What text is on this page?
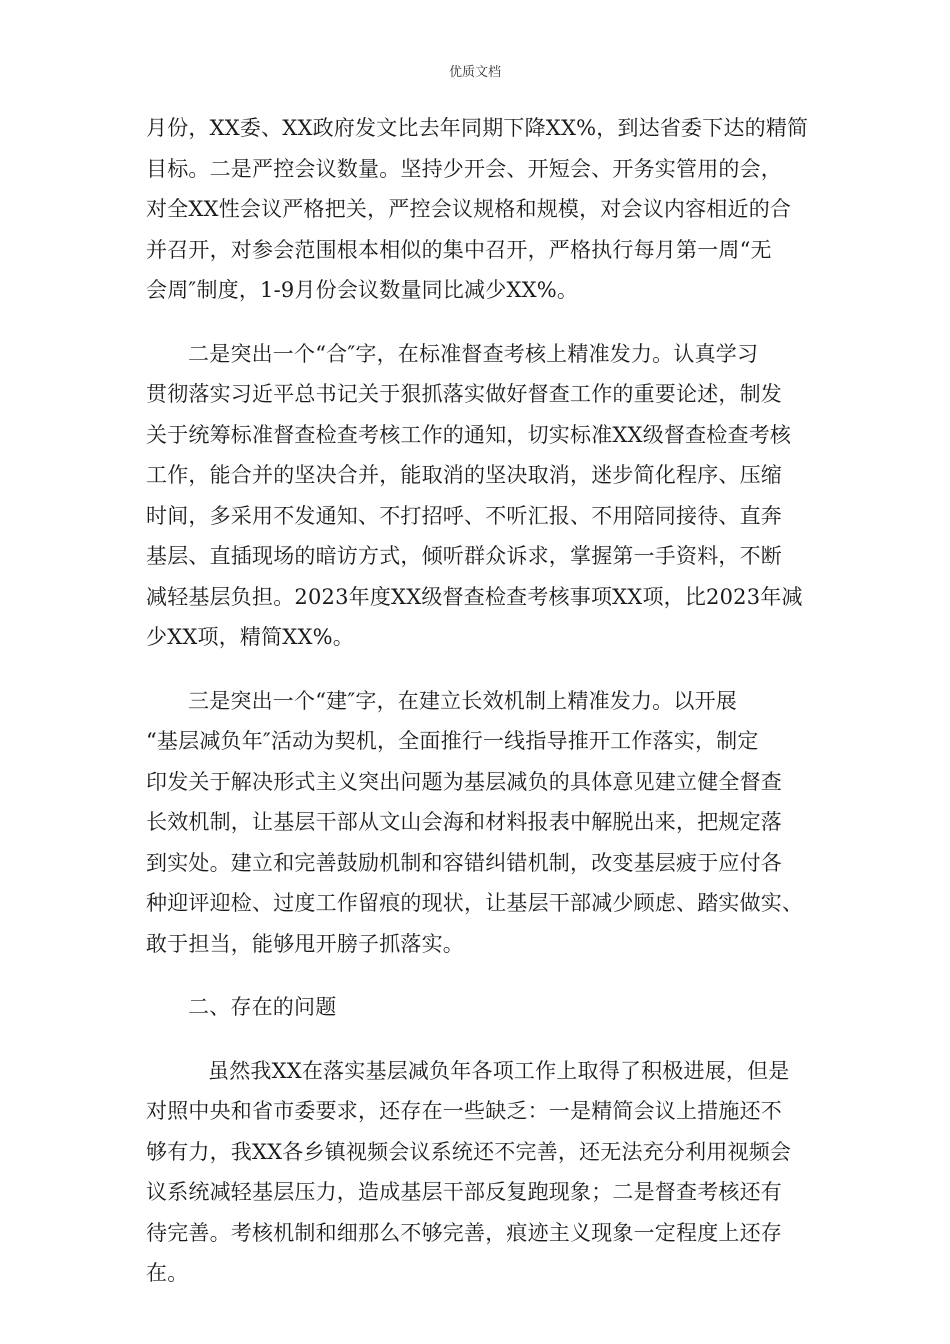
优质文档

月份，XX委、XX政府发文比去年同期下降XX%，到达省委下达的精简
目标。二是严控会议数量。坚持少开会、开短会、开务实管用的会，
对全XX性会议严格把关，严控会议规格和规模，对会议内容相近的合
并召开，对参会范围根本相似的集中召开，严格执行每月第一周“无
会周″制度，1-9月份会议数量同比减少XX%。

二是突出一个“合″字，在标准督查考核上精准发力。认真学习
贯彻落实习近平总书记关于狠抓落实做好督查工作的重要论述，制发
关于统筹标准督查检查考核工作的通知，切实标准XX级督查检查考核
工作，能合并的坚决合并，能取消的坚决取消，迷步简化程序、压缩
时间，多采用不发通知、不打招呼、不听汇报、不用陪同接待、直奔
基层、直插现场的暗访方式，倾听群众诉求，掌握第一手资料，不断
减轻基层负担。2023年度XX级督查检查考核事项XX项，比2023年减
少XX项，精简XX%。

三是突出一个“建″字，在建立长效机制上精准发力。以开展
“基层减负年″活动为契机，全面推行一线指导推开工作落实，制定
印发关于解决形式主义突出问题为基层减负的具体意见建立健全督查
长效机制，让基层干部从文山会海和材料报表中解脱出来，把规定落
到实处。建立和完善鼓励机制和容错纠错机制，改变基层疲于应付各
种迎评迎检、过度工作留痕的现状，让基层干部减少顾虑、踏实做实、
敢于担当，能够甩开膀子抓落实。

二、存在的问题

虽然我XX在落实基层减负年各项工作上取得了积极进展，但是
对照中央和省市委要求，还存在一些缺乏：一是精简会议上措施还不
够有力，我XX各乡镇视频会议系统还不完善，还无法充分利用视频会
议系统减轻基层压力，造成基层干部反复跑现象；二是督查考核还有
待完善。考核机制和细那么不够完善，痕迹主义现象一定程度上还存
在。
